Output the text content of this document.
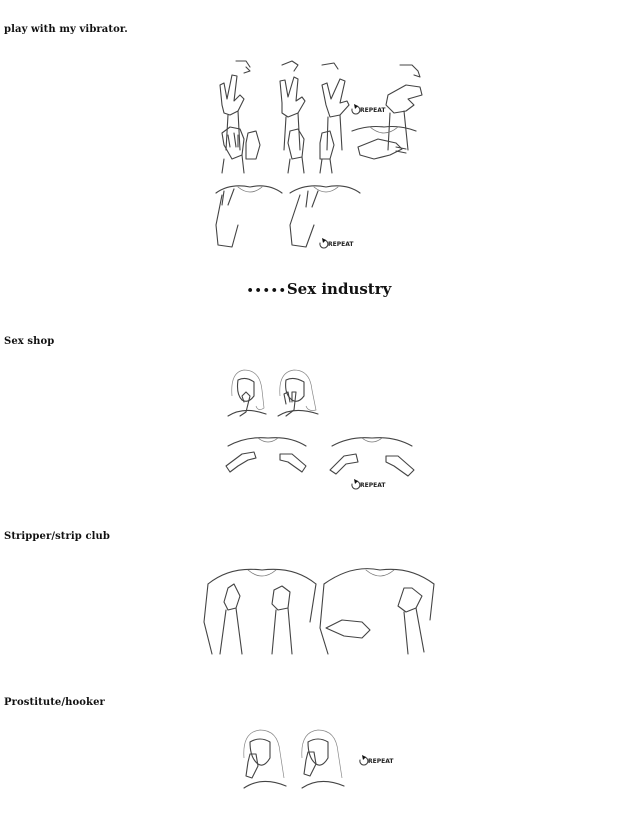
play with my vibrator.
REPEAT
REPEAT
•••••Sex industry
Sex shop
REPEAT
Stripper/strip club
Prostitute/hooker
REPEAT
